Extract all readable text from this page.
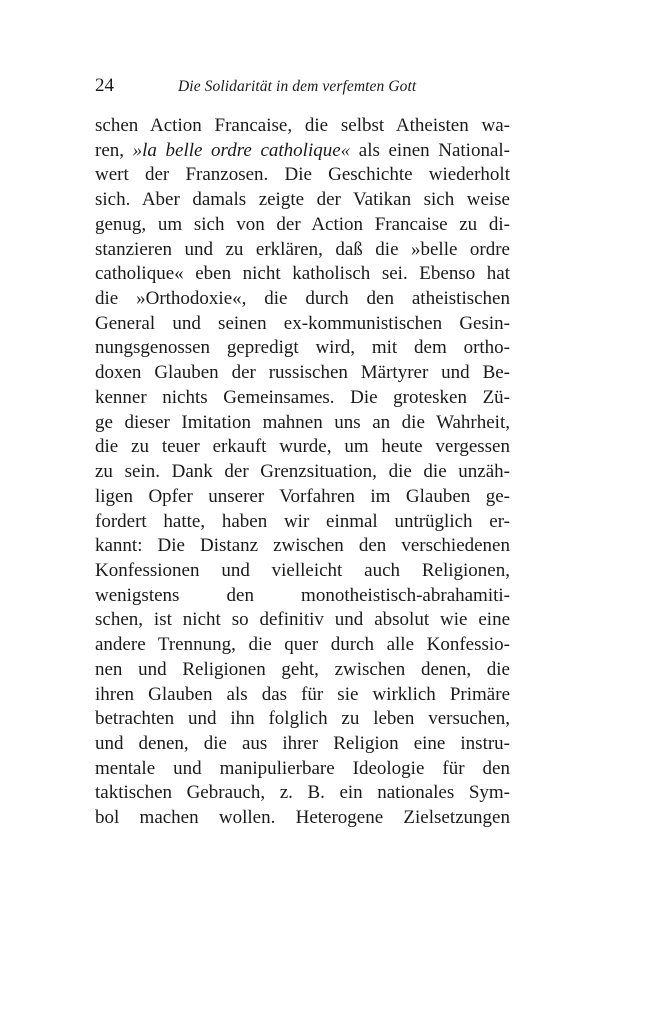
24	Die Solidarität in dem verfemten Gott
schen Action Francaise, die selbst Atheisten wa-
ren, »la belle ordre catholique« als einen National-
wert der Franzosen. Die Geschichte wiederholt
sich. Aber damals zeigte der Vatikan sich weise
genug, um sich von der Action Francaise zu di-
stanzieren und zu erklären, daß die »belle ordre
catholique« eben nicht katholisch sei. Ebenso hat
die »Orthodoxie«, die durch den atheistischen
General und seinen ex-kommunistischen Gesin-
nungsgenossen gepredigt wird, mit dem ortho-
doxen Glauben der russischen Märtyrer und Be-
kenner nichts Gemeinsames. Die grotesken Zü-
ge dieser Imitation mahnen uns an die Wahrheit,
die zu teuer erkauft wurde, um heute vergessen
zu sein. Dank der Grenzsituation, die die unzäh-
ligen Opfer unserer Vorfahren im Glauben ge-
fordert hatte, haben wir einmal untrüglich er-
kannt: Die Distanz zwischen den verschiedenen
Konfessionen und vielleicht auch Religionen,
wenigstens den monotheistisch-abrahamiti-
schen, ist nicht so definitiv und absolut wie eine
andere Trennung, die quer durch alle Konfessio-
nen und Religionen geht, zwischen denen, die
ihren Glauben als das für sie wirklich Primäre
betrachten und ihn folglich zu leben versuchen,
und denen, die aus ihrer Religion eine instru-
mentale und manipulierbare Ideologie für den
taktischen Gebrauch, z. B. ein nationales Sym-
bol machen wollen. Heterogene Zielsetzungen
